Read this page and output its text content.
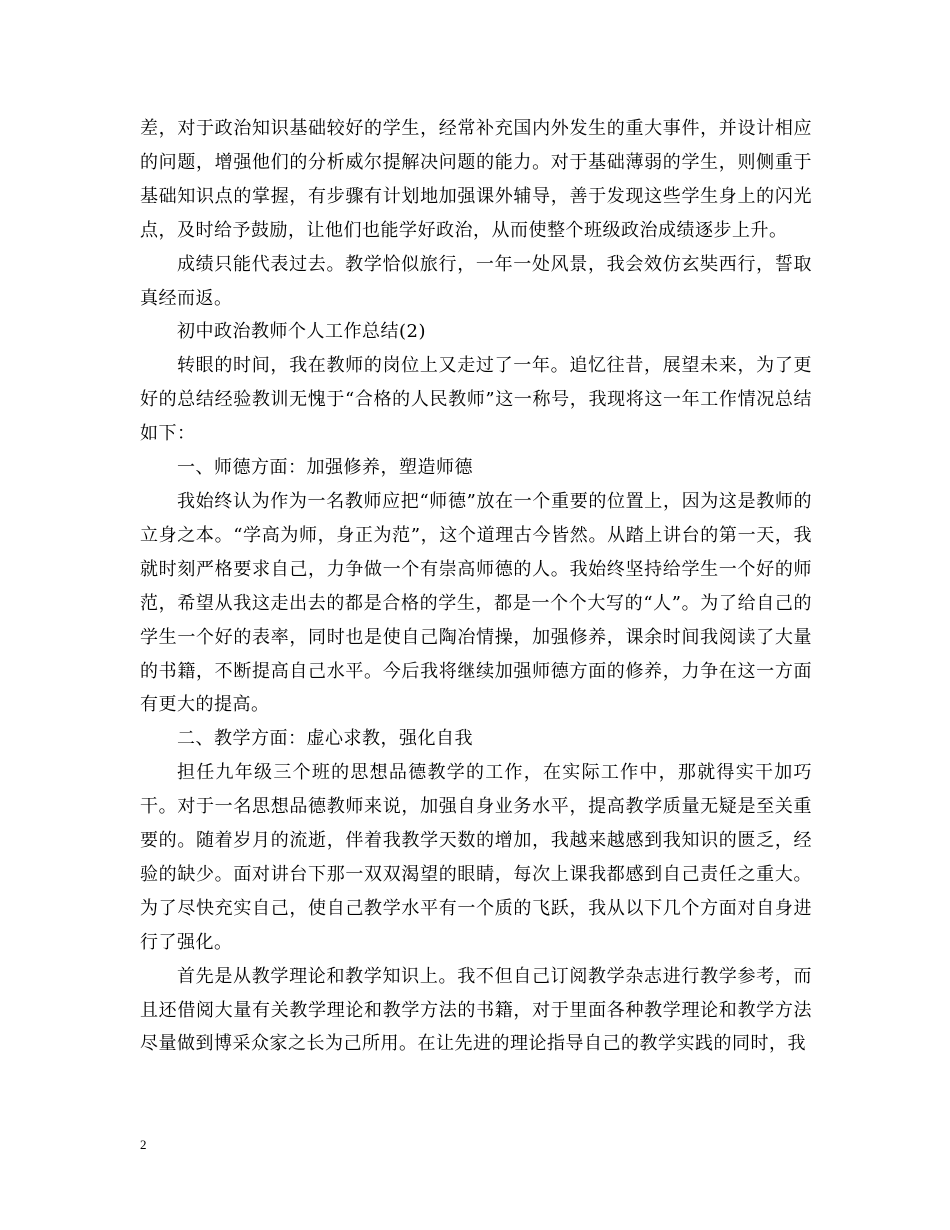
差，对于政治知识基础较好的学生，经常补充国内外发生的重大事件，并设计相应的问题，增强他们的分析威尔提解决问题的能力。对于基础薄弱的学生，则侧重于基础知识点的掌握，有步骤有计划地加强课外辅导，善于发现这些学生身上的闪光点，及时给予鼓励，让他们也能学好政治，从而使整个班级政治成绩逐步上升。

成绩只能代表过去。教学恰似旅行，一年一处风景，我会效仿玄奘西行，誓取真经而返。

初中政治教师个人工作总结(2)

转眼的时间，我在教师的岗位上又走过了一年。追忆往昔，展望未来，为了更好的总结经验教训无愧于“合格的人民教师”这一称号，我现将这一年工作情况总结如下：

一、师德方面：加强修养，塑造师德

我始终认为作为一名教师应把“师德”放在一个重要的位置上，因为这是教师的立身之本。“学高为师，身正为范”，这个道理古今皆然。从踏上讲台的第一天，我就时刻严格要求自己，力争做一个有崇高师德的人。我始终坚持给学生一个好的师范，希望从我这走出去的都是合格的学生，都是一个个大写的“人”。为了给自己的学生一个好的表率，同时也是使自己陶冶情操，加强修养，课余时间我阅读了大量的书籍，不断提高自己水平。今后我将继续加强师德方面的修养，力争在这一方面有更大的提高。

二、教学方面：虚心求教，强化自我

担任九年级三个班的思想品德教学的工作，在实际工作中，那就得实干加巧干。对于一名思想品德教师来说，加强自身业务水平，提高教学质量无疑是至关重要的。随着岁月的流逝，伴着我教学天数的增加，我越来越感到我知识的匮乏，经验的缺少。面对讲台下那一双双渴望的眼睛，每次上课我都感到自己责任之重大。为了尽快充实自己，使自己教学水平有一个质的飞跃，我从以下几个方面对自身进行了强化。

首先是从教学理论和教学知识上。我不但自己订阅教学杂志进行教学参考，而且还借阅大量有关教学理论和教学方法的书籍，对于里面各种教学理论和教学方法尽量做到博采众家之长为己所用。在让先进的理论指导自己的教学实践的同时，我

2
